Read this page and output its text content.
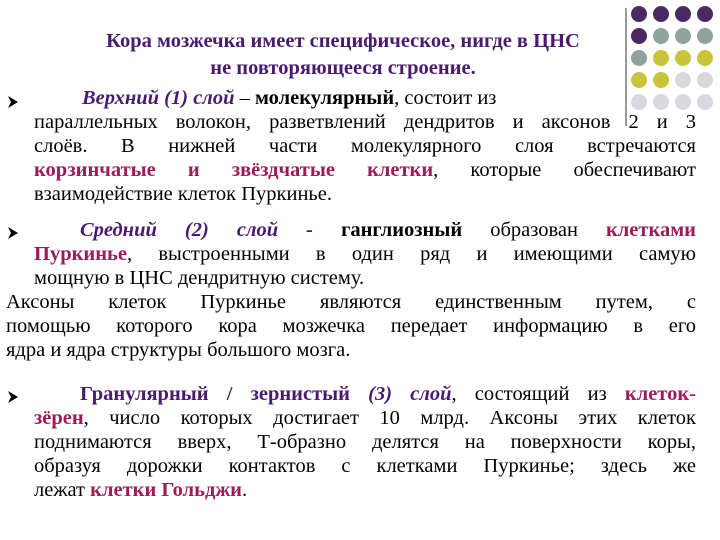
Кора мозжечка имеет специфическое, нигде в ЦНС
не повторяющееся строение.
Верхний (1) слой – молекулярный, состоит из
параллельных волокон, разветвлений дендритов и аксонов 2 и 3
слоёв. В нижней части молекулярного слоя встречаются
корзинчатые и звёздчатые клетки, которые обеспечивают
взаимодействие клеток Пуркинье.
Средний (2) слой - ганглиозный образован клетками
Пуркинье, выстроенными в один ряд и имеющими самую
мощную в ЦНС дендритную систему.
Аксоны клеток Пуркинье являются единственным путем, с
помощью которого кора мозжечка передает информацию в его
ядра и ядра структуры большого мозга.
Гранулярный / зернистый (3) слой, состоящий из клеток-
зёрен, число которых достигает 10 млрд. Аксоны этих клеток
поднимаются вверх, Т-образно делятся на поверхности коры,
образуя дорожки контактов с клетками Пуркинье; здесь же
лежат клетки Гольджи.
